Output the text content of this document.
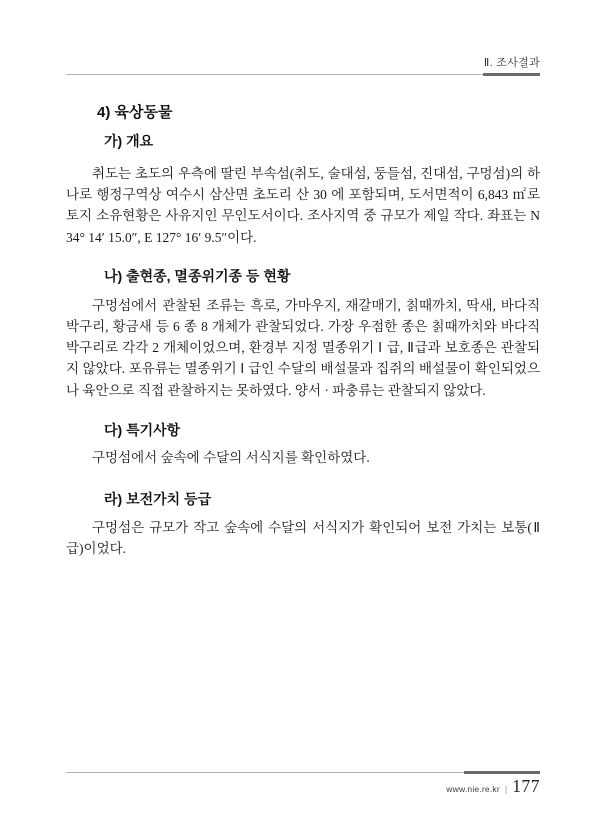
Ⅱ. 조사결과
4) 육상동물
가) 개요

취도는 초도의 우측에 딸린 부속섬(취도, 술대섬, 둥들섬, 진대섬, 구멍섬)의 하나로 행정구역상 여수시 삼산면 초도리 산 30 에 포함되며, 도서면적이 6,843 ㎡로 토지 소유현황은 사유지인 무인도서이다. 조사지역 중 규모가 제일 작다. 좌표는 N 34° 14′ 15.0″, E 127° 16′ 9.5″이다.

나) 출현종, 멸종위기종 등 현황

구멍섬에서 관찰된 조류는 흑로, 가마우지, 재갈매기, 칡때까치, 딱새, 바다직박구리, 황금새 등 6 종 8 개체가 관찰되었다. 가장 우점한 종은 칡때까치와 바다직박구리로 각각 2 개체이었으며, 환경부 지정 멸종위기 Ⅰ 급, Ⅱ급과 보호종은 관찰되지 않았다. 포유류는 멸종위기 Ⅰ 급인 수달의 배설물과 집쥐의 배설물이 확인되었으나 육안으로 직접 관찰하지는 못하였다. 양서 · 파충류는 관찰되지 않았다.

다) 특기사항

구멍섬에서 숲속에 수달의 서식지를 확인하였다.

라) 보전가치 등급

구멍섬은 규모가 작고 숲속에 수달의 서식지가 확인되어 보전 가치는 보통(Ⅱ급)이었다.

www.nie.re.kr | 177
